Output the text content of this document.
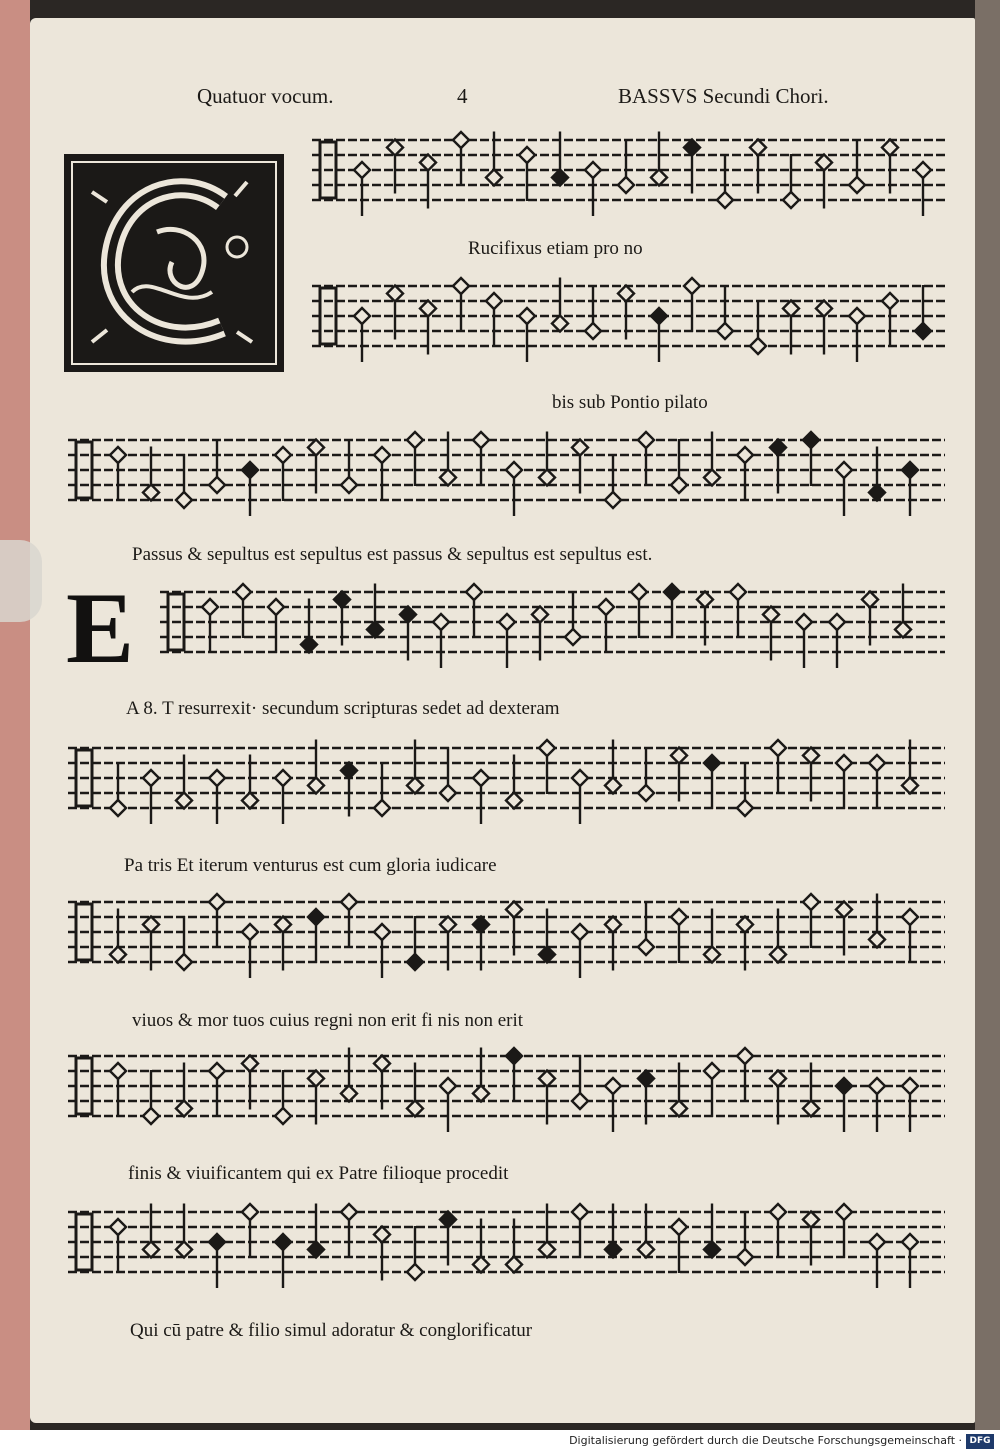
Quatuor vocum.	4	BASSVS Secundi Chori.
E
Rucifixus etiam pro no
bis sub Pontio pilato
Passus & sepultus est sepultus est passus & sepultus est sepultus est.
A 8. T resurrexit· secundum scripturas sedet ad dexteram
Pa tris Et iterum venturus est cum gloria iudicare
viuos & mor tuos cuius regni non erit fi nis non erit
finis & viuificantem qui ex Patre filioque procedit
Qui cū patre & filio simul adoratur & conglorificatur
Digitalisierung gefördert durch die Deutsche Forschungsgemeinschaft · DFG
